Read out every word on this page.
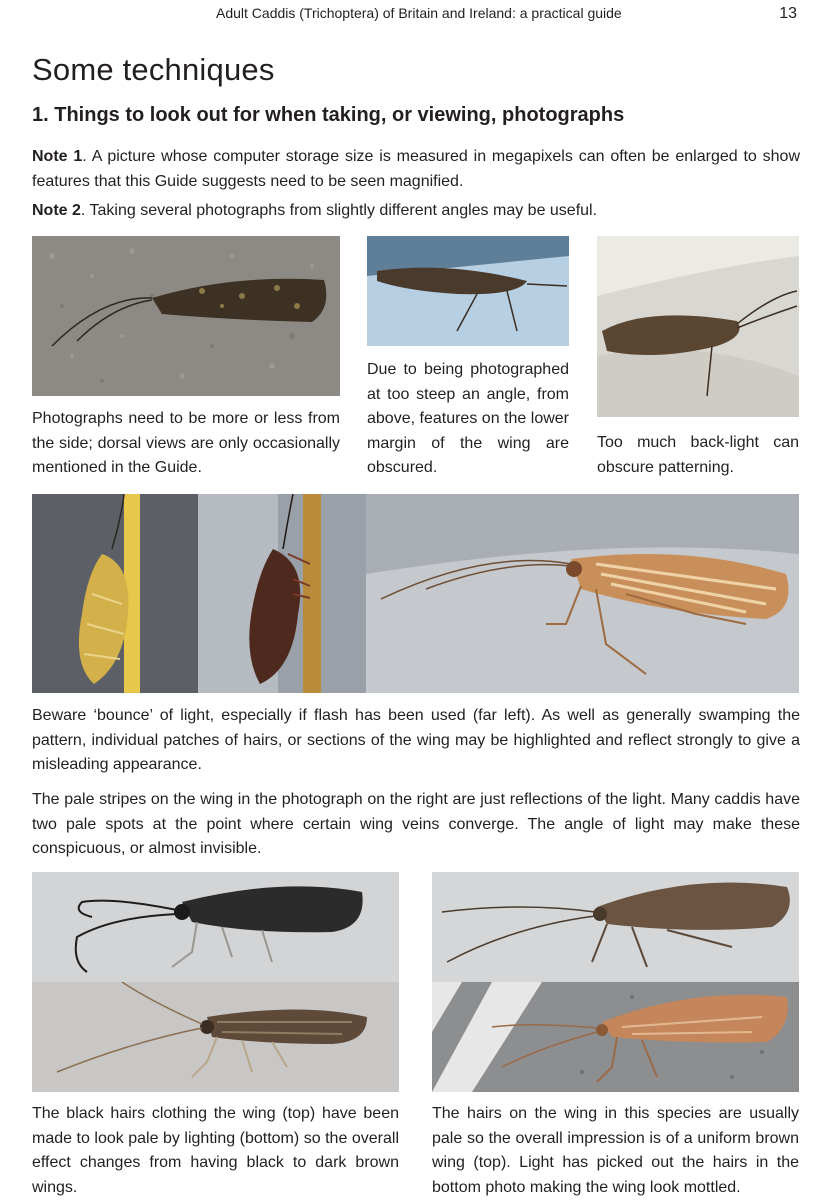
Adult Caddis (Trichoptera) of Britain and Ireland: a practical guide	13
Some techniques
1. Things to look out for when taking, or viewing, photographs
Note 1. A picture whose computer storage size is measured in megapixels can often be enlarged to show features that this Guide suggests need to be seen magnified.
Note 2. Taking several photographs from slightly different angles may be useful.
Photographs need to be more or less from the side; dorsal views are only occasionally mentioned in the Guide.
Due to being photographed at too steep an angle, from above, features on the lower margin of the wing are obscured.
Too much back-light can obscure patterning.
Beware ‘bounce’ of light, especially if flash has been used (far left). As well as generally swamping the pattern, individual patches of hairs, or sections of the wing may be highlighted and reflect strongly to give a misleading appearance.
The pale stripes on the wing in the photograph on the right are just reflections of the light. Many caddis have two pale spots at the point where certain wing veins converge. The angle of light may make these conspicuous, or almost invisible.
The black hairs clothing the wing (top) have been made to look pale by lighting (bottom) so the overall effect changes from having black to dark brown wings.
The hairs on the wing in this species are usually pale so the overall impression is of a uniform brown wing (top). Light has picked out the hairs in the bottom photo making the wing look mottled.
